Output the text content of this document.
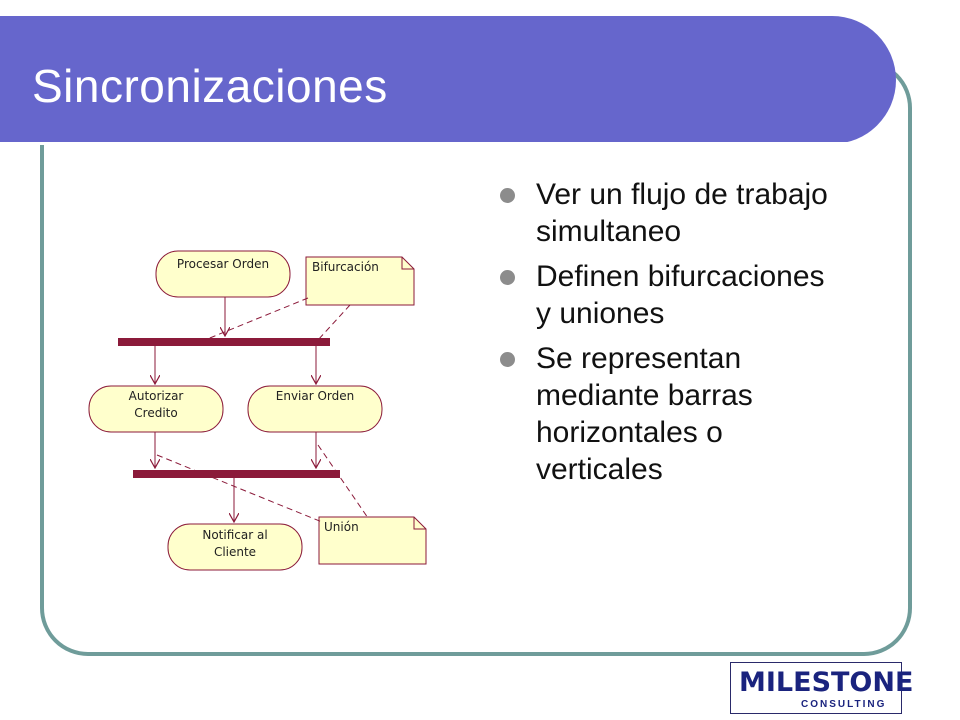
Sincronizaciones
Procesar Orden	Bifurcación
Autorizar
Credito
Enviar Orden
Notificar al
Cliente
Unión
Ver un flujo de trabajo simultaneo
Definen bifurcaciones y uniones
Se representan mediante barras horizontales o verticales
MILESTONE
CONSULTING
